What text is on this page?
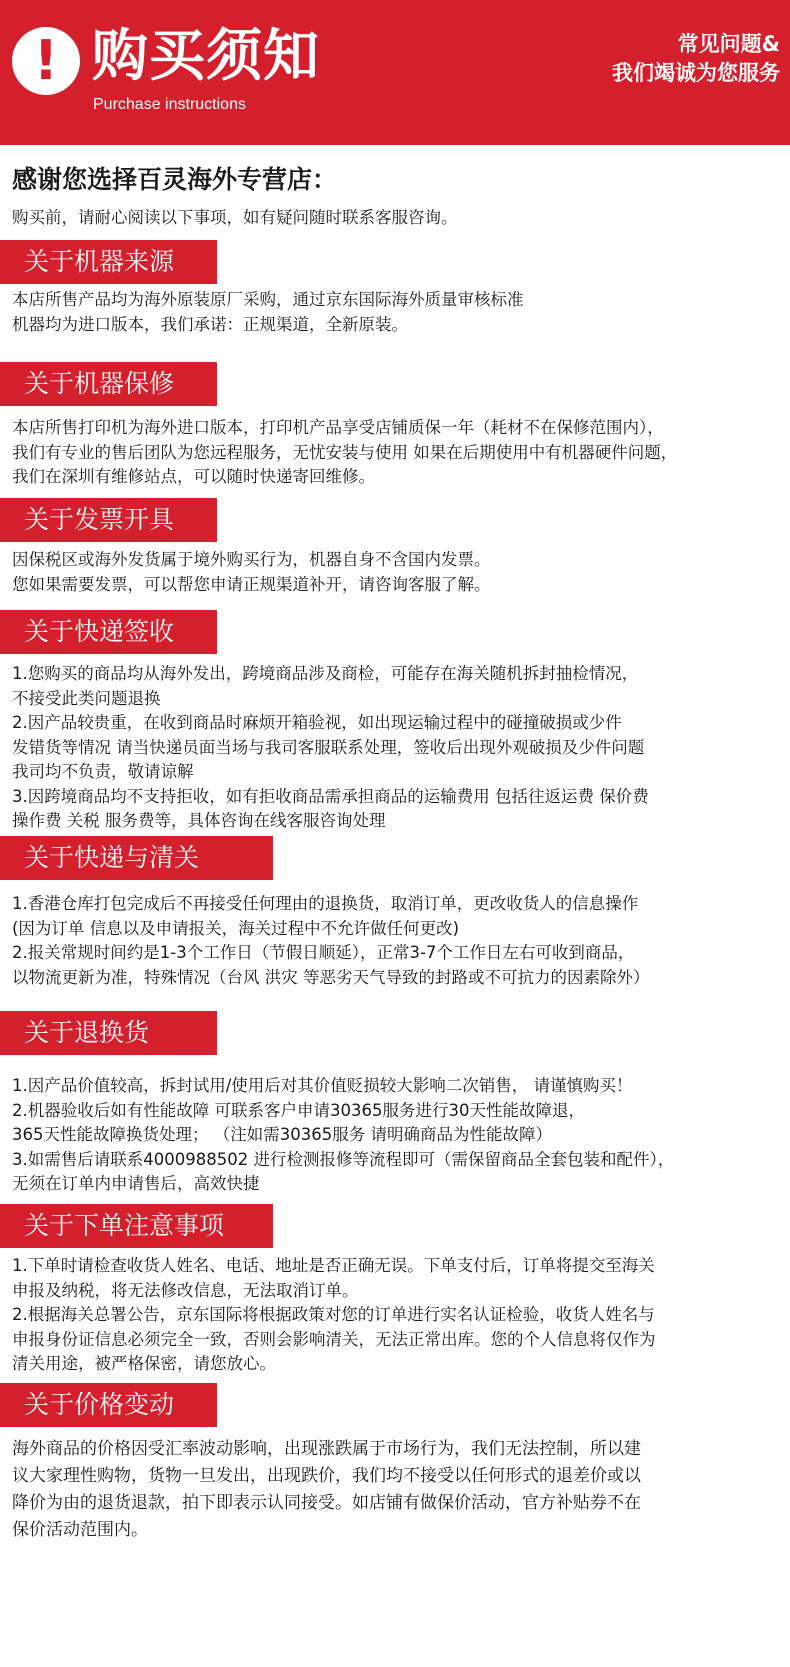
! 购买须知
Purchase instructions
常见问题&
我们竭诚为您服务
感谢您选择百灵海外专营店：
购买前，请耐心阅读以下事项，如有疑问随时联系客服咨询。
关于机器来源
本店所售产品均为海外原装原厂采购，通过京东国际海外质量审核标准
机器均为进口版本，我们承诺：正规渠道，全新原装。
关于机器保修
本店所售打印机为海外进口版本，打印机产品享受店铺质保一年（耗材不在保修范围内），
我们有专业的售后团队为您远程服务，无忧安装与使用 如果在后期使用中有机器硬件问题，
我们在深圳有维修站点，可以随时快递寄回维修。
关于发票开具
因保税区或海外发货属于境外购买行为，机器自身不含国内发票。
您如果需要发票，可以帮您申请正规渠道补开，请咨询客服了解。
关于快递签收
1.您购买的商品均从海外发出，跨境商品涉及商检，可能存在海关随机拆封抽检情况，
不接受此类问题退换
2.因产品较贵重，在收到商品时麻烦开箱验视，如出现运输过程中的碰撞破损或少件
发错货等情况 请当快递员面当场与我司客服联系处理，签收后出现外观破损及少件问题
我司均不负责，敬请谅解
3.因跨境商品均不支持拒收，如有拒收商品需承担商品的运输费用 包括往返运费 保价费
操作费 关税 服务费等，具体咨询在线客服咨询处理
关于快递与清关
1.香港仓库打包完成后不再接受任何理由的退换货，取消订单，更改收货人的信息操作
(因为订单 信息以及申请报关，海关过程中不允许做任何更改)
2.报关常规时间约是1-3个工作日（节假日顺延），正常3-7个工作日左右可收到商品，
以物流更新为准，特殊情况（台风 洪灾 等恶劣天气导致的封路或不可抗力的因素除外）
关于退换货
1.因产品价值较高，拆封试用/使用后对其价值贬损较大影响二次销售， 请谨慎购买！
2.机器验收后如有性能故障 可联系客户申请30365服务进行30天性能故障退，
365天性能故障换货处理； （注如需30365服务 请明确商品为性能故障）
3.如需售后请联系4000988502 进行检测报修等流程即可（需保留商品全套包装和配件），
无须在订单内申请售后，高效快捷
关于下单注意事项
1.下单时请检查收货人姓名、电话、地址是否正确无误。下单支付后，订单将提交至海关
申报及纳税，将无法修改信息，无法取消订单。
2.根据海关总署公告，京东国际将根据政策对您的订单进行实名认证检验，收货人姓名与
申报身份证信息必须完全一致，否则会影响清关，无法正常出库。您的个人信息将仅作为
清关用途，被严格保密，请您放心。
关于价格变动
海外商品的价格因受汇率波动影响，出现涨跌属于市场行为，我们无法控制，所以建
议大家理性购物，货物一旦发出，出现跌价，我们均不接受以任何形式的退差价或以
降价为由的退货退款，拍下即表示认同接受。如店铺有做保价活动，官方补贴券不在
保价活动范围内。
